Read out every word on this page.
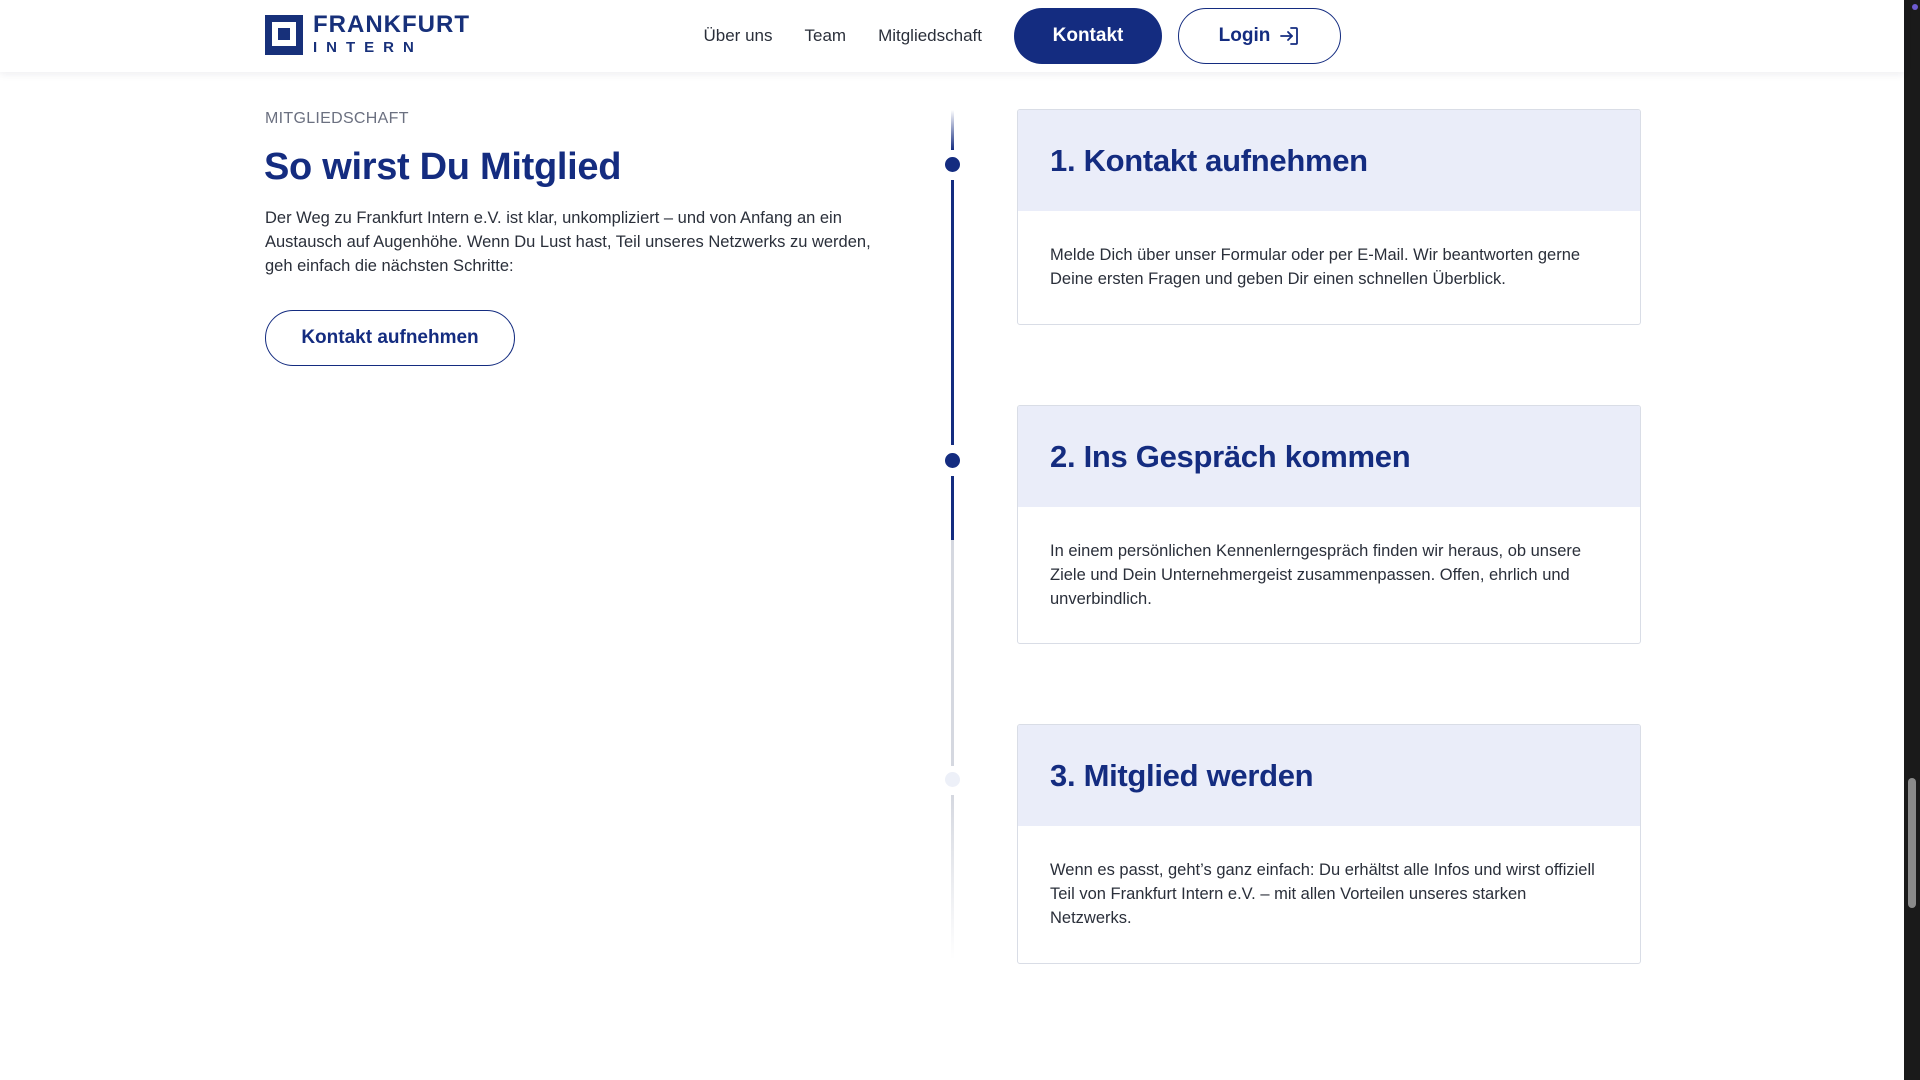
FRANKFURT
INTERN
Über uns Team Mitgliedschaft	Kontakt	Login
MITGLIEDSCHAFT
So wirst Du Mitglied

Der Weg zu Frankfurt Intern e.V. ist klar, unkompliziert – und von Anfang an ein Austausch auf Augenhöhe. Wenn Du Lust hast, Teil unseres Netzwerks zu werden, geh einfach die nächsten Schritte:

Kontakt aufnehmen
1. Kontakt aufnehmen
Melde Dich über unser Formular oder per E-Mail. Wir beantworten gerne Deine ersten Fragen und geben Dir einen schnellen Überblick.
2. Ins Gespräch kommen
In einem persönlichen Kennenlerngespräch finden wir heraus, ob unsere Ziele und Dein Unternehmergeist zusammenpassen. Offen, ehrlich und unverbindlich.
3. Mitglied werden
Wenn es passt, geht’s ganz einfach: Du erhältst alle Infos und wirst offiziell Teil von Frankfurt Intern e.V. – mit allen Vorteilen unseres starken Netzwerks.
